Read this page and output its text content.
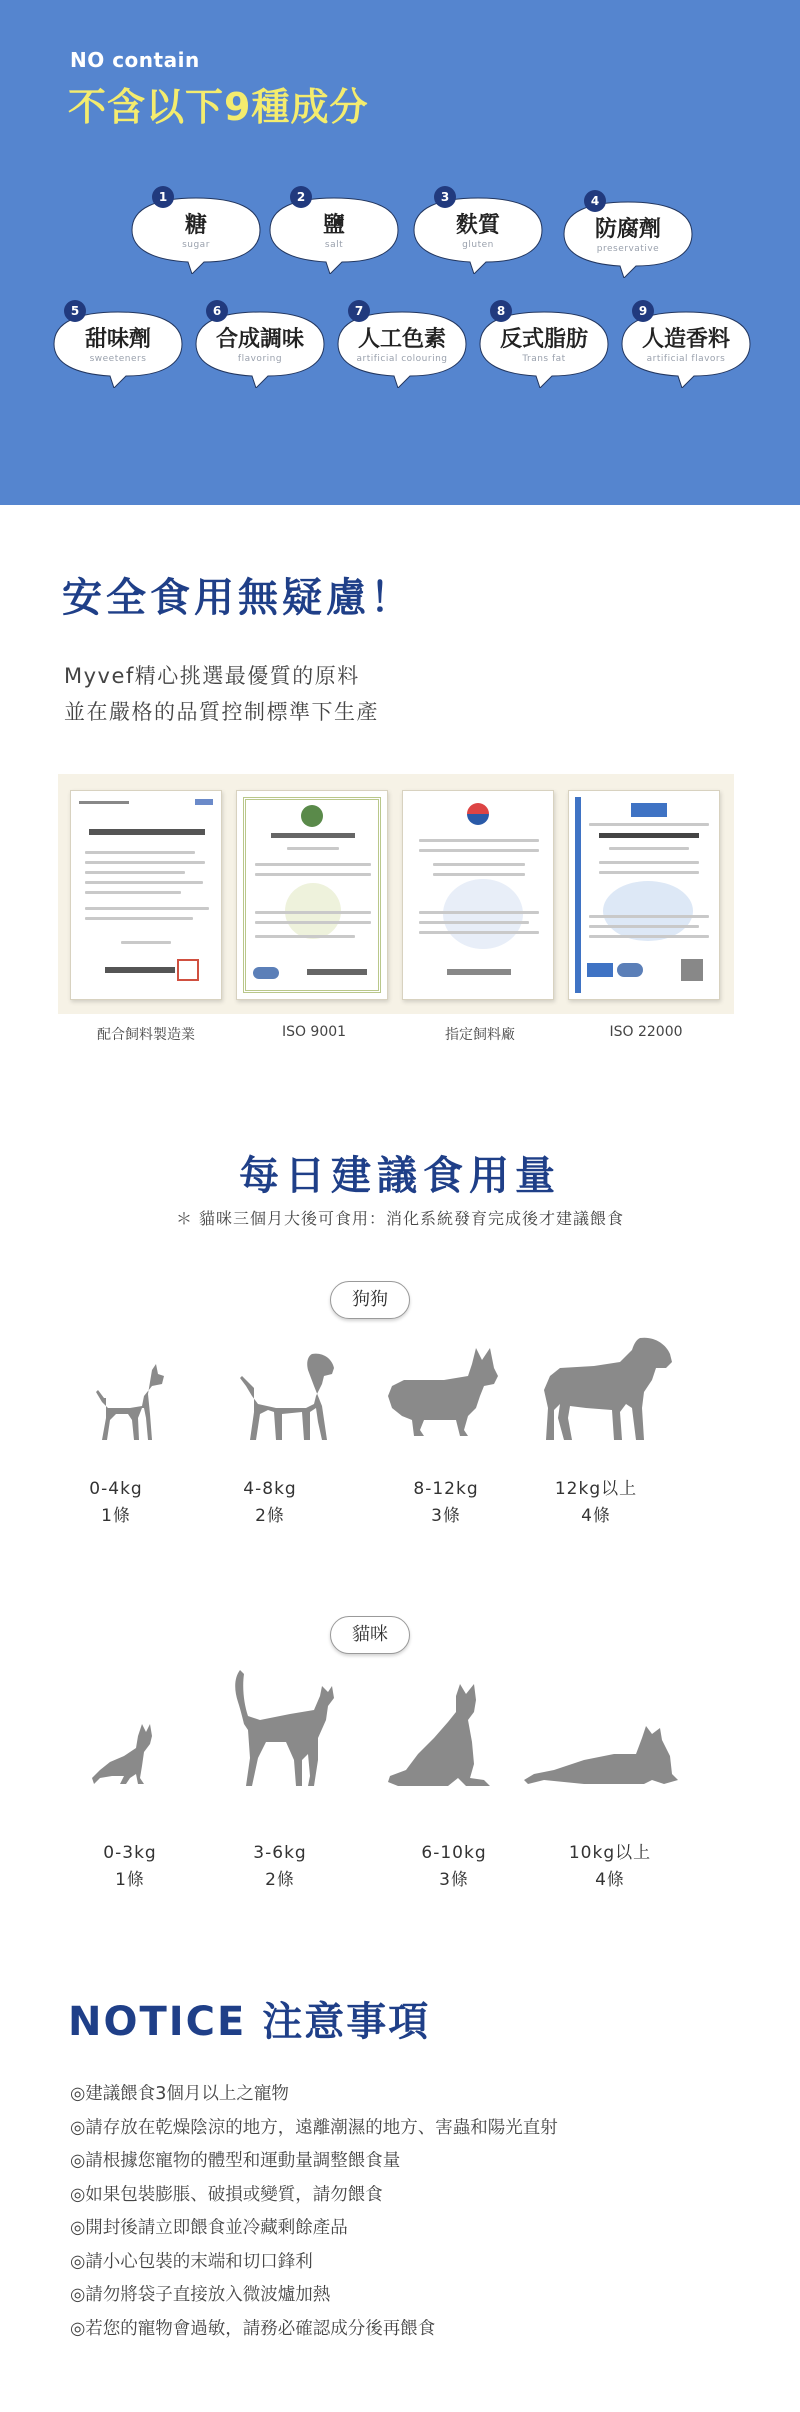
NO contain
不含以下9種成分
1
糖
sugar
2
鹽
salt
3
麩質
gluten
4
防腐劑
preservative
5
甜味劑
sweeteners
6
合成調味
flavoring
7
人工色素
artificial colouring
8
反式脂肪
Trans fat
9
人造香料
artificial flavors
安全食用無疑慮！
Myvef精心挑選最優質的原料
並在嚴格的品質控制標準下生產
配合飼料製造業	ISO 9001	指定飼料廠	ISO 22000
每日建議食用量
＊ 貓咪三個月大後可食用：消化系統發育完成後才建議餵食
狗狗
0-4kg
1條
4-8kg
2條
8-12kg
3條
12kg以上
4條
貓咪
0-3kg
1條
3-6kg
2條
6-10kg
3條
10kg以上
4條
NOTICE 注意事項
◎建議餵食3個月以上之寵物
◎請存放在乾燥陰涼的地方，遠離潮濕的地方、害蟲和陽光直射
◎請根據您寵物的體型和運動量調整餵食量
◎如果包裝膨脹、破損或變質，請勿餵食
◎開封後請立即餵食並冷藏剩餘產品
◎請小心包裝的末端和切口鋒利
◎請勿將袋子直接放入微波爐加熱
◎若您的寵物會過敏，請務必確認成分後再餵食
